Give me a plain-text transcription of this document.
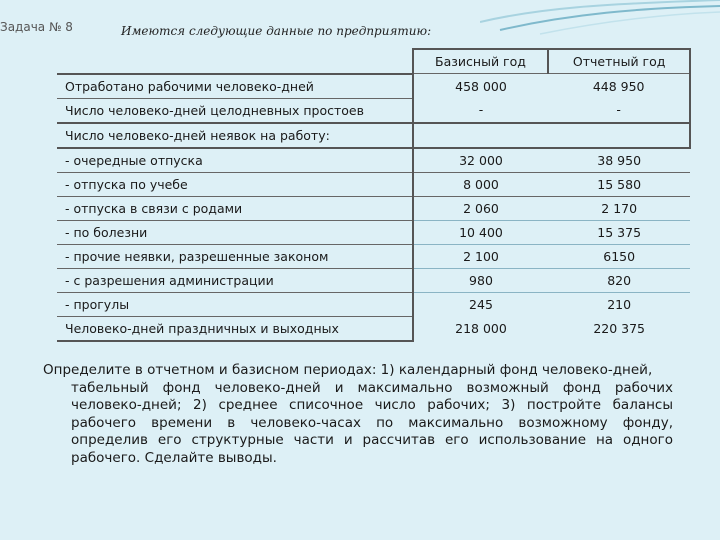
Задача № 8	Имеются следующие данные по предприятию:
	Базисный год	Отчетный год
Отработано рабочими человеко-дней	458 000	448 950
Число человеко-дней целодневных простоев	-	-
Число человеко-дней неявок на работу:		
- очередные отпуска	32 000	38 950
- отпуска по учебе	8 000	15 580
- отпуска в связи с родами	2 060	2 170
- по болезни	10 400	15 375
- прочие неявки, разрешенные законом	2 100	6150
- с разрешения администрации	980	820
- прогулы	245	210
Человеко-дней праздничных и выходных	218 000	220 375
Определите в отчетном и базисном периодах: 1) календарный фонд человеко-дней,
табельный фонд человеко-дней и максимально возможный фонд рабочих человеко-дней; 2) среднее списочное число рабочих; 3) постройте балансы рабочего времени в человеко-часах по максимально возможному фонду, определив его структурные части и рассчитав его использование на одного рабочего. Сделайте выводы.
